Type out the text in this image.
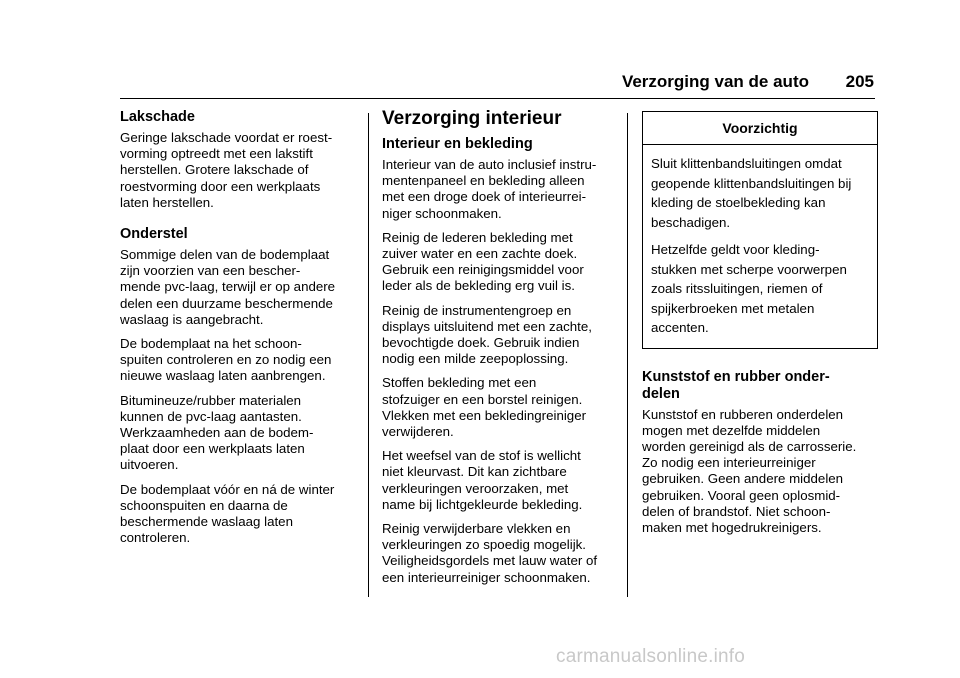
Verzorging van de auto 205
Lakschade

Geringe lakschade voordat er roest-
vorming optreedt met een lakstift
herstellen. Grotere lakschade of
roestvorming door een werkplaats
laten herstellen.

Onderstel

Sommige delen van de bodemplaat
zijn voorzien van een bescher-
mende pvc-laag, terwijl er op andere
delen een duurzame beschermende
waslaag is aangebracht.

De bodemplaat na het schoon-
spuiten controleren en zo nodig een
nieuwe waslaag laten aanbrengen.

Bitumineuze/rubber materialen
kunnen de pvc-laag aantasten.
Werkzaamheden aan de bodem-
plaat door een werkplaats laten
uitvoeren.

De bodemplaat vóór en ná de winter
schoonspuiten en daarna de
beschermende waslaag laten
controleren.

Verzorging interieur
Interieur en bekleding

Interieur van de auto inclusief instru-
mentenpaneel en bekleding alleen
met een droge doek of interieurrei-
niger schoonmaken.

Reinig de lederen bekleding met
zuiver water en een zachte doek.
Gebruik een reinigingsmiddel voor
leder als de bekleding erg vuil is.

Reinig de instrumentengroep en
displays uitsluitend met een zachte,
bevochtigde doek. Gebruik indien
nodig een milde zeepoplossing.

Stoffen bekleding met een
stofzuiger en een borstel reinigen.
Vlekken met een bekledingreiniger
verwijderen.

Het weefsel van de stof is wellicht
niet kleurvast. Dit kan zichtbare
verkleuringen veroorzaken, met
name bij lichtgekleurde bekleding.

Reinig verwijderbare vlekken en
verkleuringen zo spoedig mogelijk.
Veiligheidsgordels met lauw water of
een interieurreiniger schoonmaken.

Voorzichtig

Sluit klittenbandsluitingen omdat
geopende klittenbandsluitingen bij
kleding de stoelbekleding kan
beschadigen.

Hetzelfde geldt voor kleding-
stukken met scherpe voorwerpen
zoals ritssluitingen, riemen of
spijkerbroeken met metalen
accenten.

Kunststof en rubber onder-
delen

Kunststof en rubberen onderdelen
mogen met dezelfde middelen
worden gereinigd als de carrosserie.
Zo nodig een interieurreiniger
gebruiken. Geen andere middelen
gebruiken. Vooral geen oplosmid-
delen of brandstof. Niet schoon-
maken met hogedrukreinigers.

carmanualsonline.info
